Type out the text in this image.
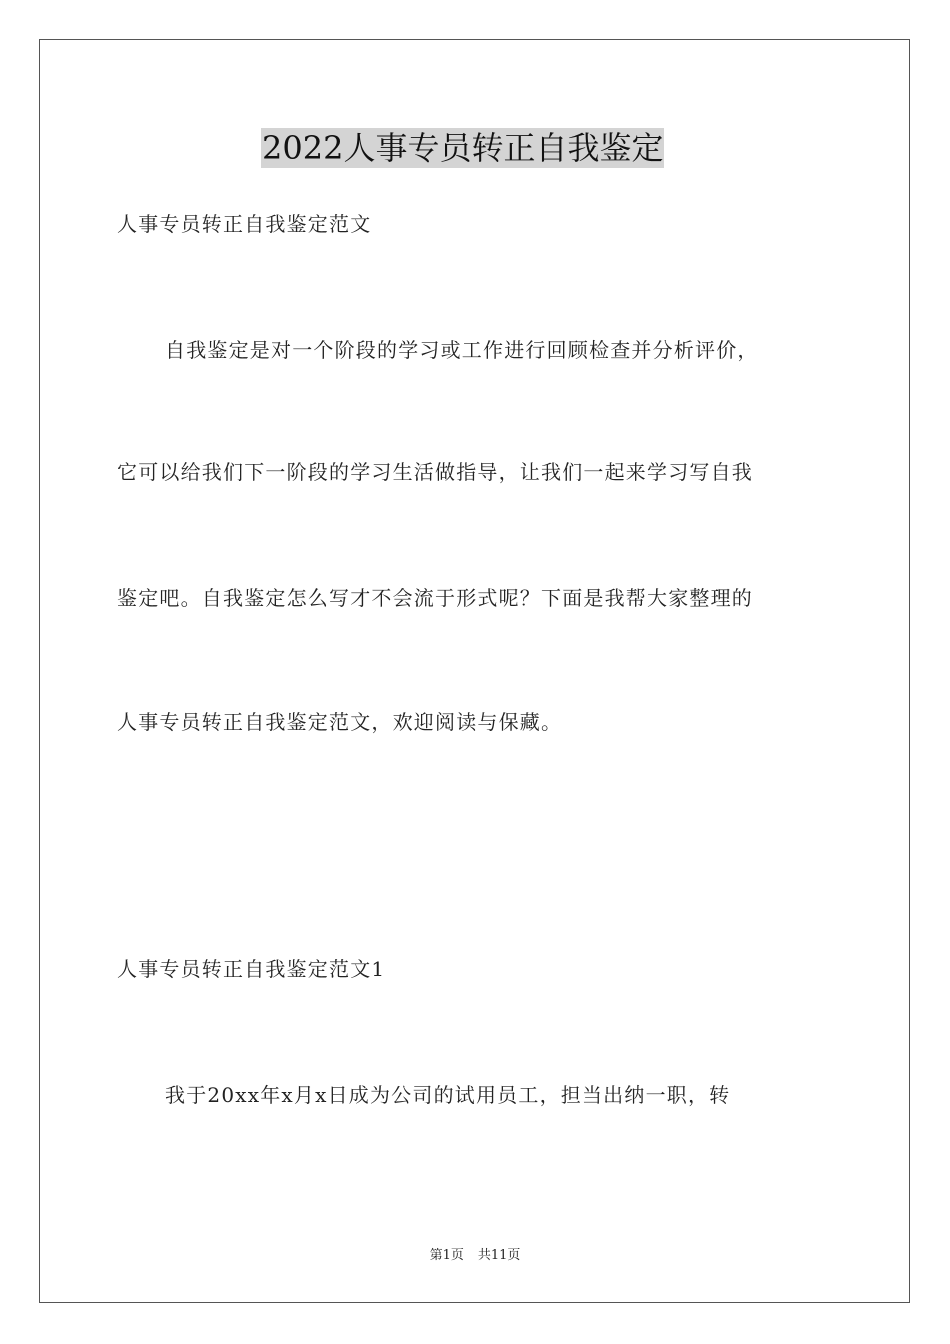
2022人事专员转正自我鉴定
人事专员转正自我鉴定范文
自我鉴定是对一个阶段的学习或工作进行回顾检查并分析评价，
它可以给我们下一阶段的学习生活做指导，让我们一起来学习写自我
鉴定吧。自我鉴定怎么写才不会流于形式呢？下面是我帮大家整理的
人事专员转正自我鉴定范文，欢迎阅读与保藏。
人事专员转正自我鉴定范文1
我于20xx年x月x日成为公司的试用员工，担当出纳一职，转
第1页 共11页
